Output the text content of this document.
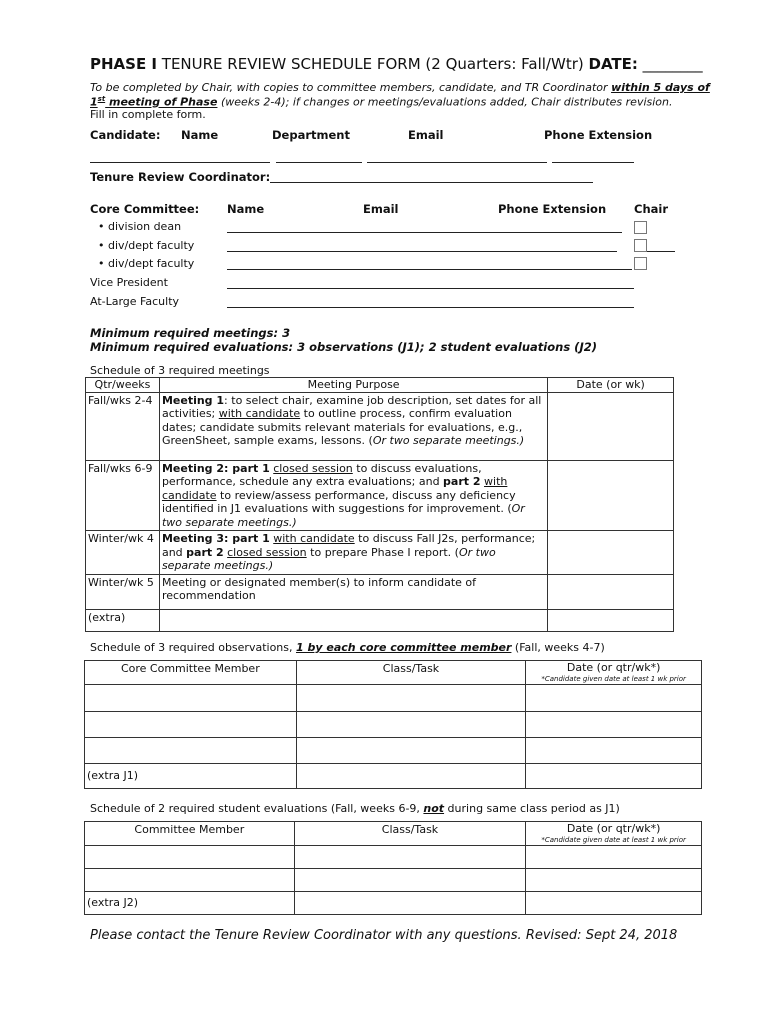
PHASE I TENURE REVIEW SCHEDULE FORM (2 Quarters: Fall/Wtr) DATE: ________
To be completed by Chair, with copies to committee members, candidate, and TR Coordinator within 5 days of
1st meeting of Phase (weeks 2-4); if changes or meetings/evaluations added, Chair distributes revision.
Fill in complete form.
Candidate: Name	Department	Email	Phone Extension
Tenure Review Coordinator:
Core Committee: Name	Email	Phone Extension Chair
• division dean
• div/dept faculty
• div/dept faculty
Vice President
At-Large Faculty
Minimum required meetings: 3
Minimum required evaluations: 3 observations (J1); 2 student evaluations (J2)
Schedule of 3 required meetings
Qtr/weeks	Meeting Purpose	Date (or wk)
Fall/wks 2-4	Meeting 1: to select chair, examine job description, set dates for all activities; with candidate to outline process, confirm evaluation dates; candidate submits relevant materials for evaluations, e.g., GreenSheet, sample exams, lessons. (Or two separate meetings.)	
Fall/wks 6-9	Meeting 2: part 1 closed session to discuss evaluations, performance, schedule any extra evaluations; and part 2 with candidate to review/assess performance, discuss any deficiency identified in J1 evaluations with suggestions for improvement. (Or two separate meetings.)	
Winter/wk 4	Meeting 3: part 1 with candidate to discuss Fall J2s, performance; and part 2 closed session to prepare Phase I report. (Or two separate meetings.)	
Winter/wk 5	Meeting or designated member(s) to inform candidate of recommendation	
(extra)		
Schedule of 3 required observations, 1 by each core committee member (Fall, weeks 4-7)
Core Committee Member	Class/Task	Date (or qtr/wk*)
*Candidate given date at least 1 wk prior

(extra J1)		
Schedule of 2 required student evaluations (Fall, weeks 6-9, not during same class period as J1)
Committee Member	Class/Task	Date (or qtr/wk*)
*Candidate given date at least 1 wk prior

(extra J2)		
Please contact the Tenure Review Coordinator with any questions. Revised: Sept 24, 2018
